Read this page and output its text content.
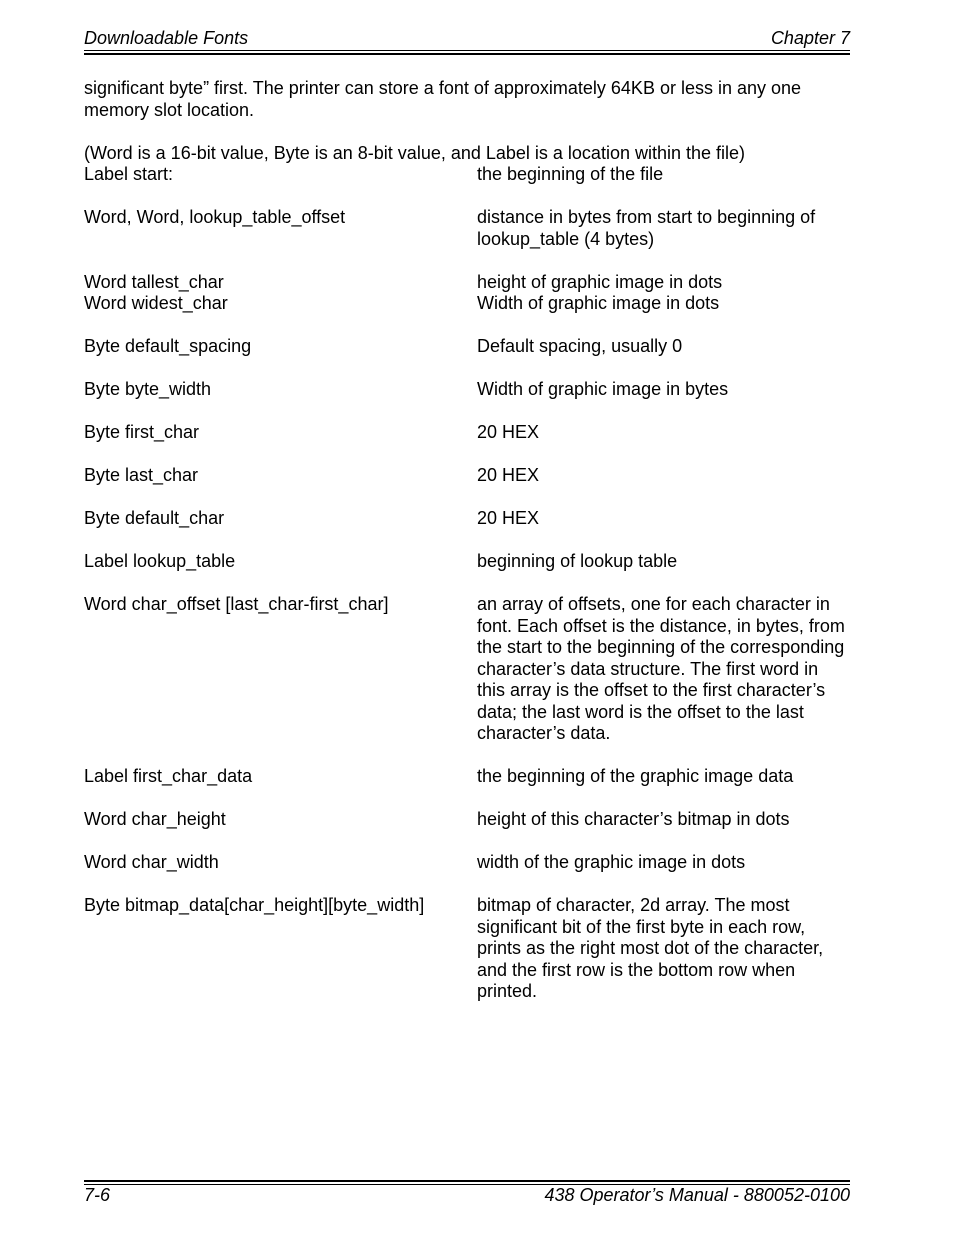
Downloadable Fonts	Chapter 7

significant byte” first. The printer can store a font of approximately 64KB or less in any one memory slot location.

(Word is a 16-bit value, Byte is an 8-bit value, and Label is a location within the file)

Label start:	the beginning of the file
Word, Word, lookup_table_offset	distance in bytes from start to beginning of lookup_table (4 bytes)
Word tallest_char	height of graphic image in dots
Word widest_char	Width of graphic image in dots
Byte default_spacing	Default spacing, usually 0
Byte byte_width	Width of graphic image in bytes
Byte first_char	20 HEX
Byte last_char	20 HEX
Byte default_char	20 HEX
Label lookup_table	beginning of lookup table
Word char_offset [last_char-first_char]	an array of offsets, one for each character in font. Each offset is the distance, in bytes, from the start to the beginning of the corresponding character’s data structure. The first word in this array is the offset to the first character’s data; the last word is the offset to the last character’s data.
Label first_char_data	the beginning of the graphic image data
Word char_height	height of this character’s bitmap in dots
Word char_width	width of the graphic image in dots
Byte bitmap_data[char_height][byte_width]	bitmap of character, 2d array. The most significant bit of the first byte in each row, prints as the right most dot of the character, and the first row is the bottom row when printed.
7-6	438 Operator’s Manual - 880052-0100
